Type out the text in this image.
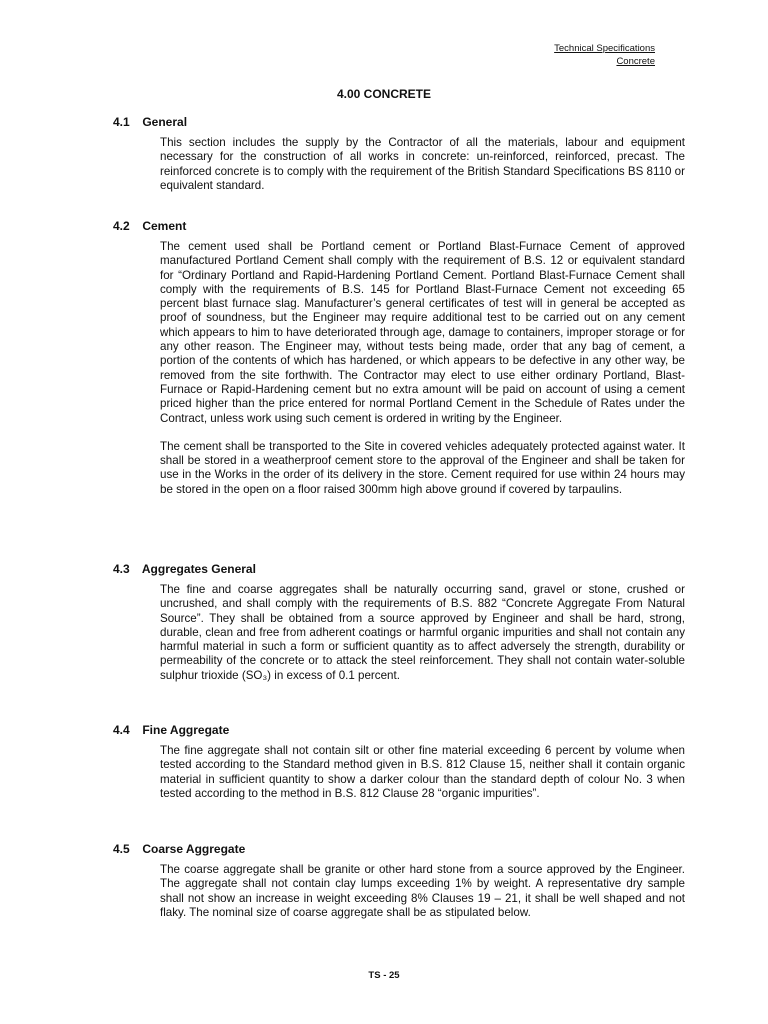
Technical Specifications
Concrete
4.00 CONCRETE
4.1 General

This section includes the supply by the Contractor of all the materials, labour and equipment necessary for the construction of all works in concrete: un-reinforced, reinforced, precast. The reinforced concrete is to comply with the requirement of the British Standard Specifications BS 8110 or equivalent standard.

4.2 Cement

The cement used shall be Portland cement or Portland Blast-Furnace Cement of approved manufactured Portland Cement shall comply with the requirement of B.S. 12 or equivalent standard for “Ordinary Portland and Rapid-Hardening Portland Cement. Portland Blast-Furnace Cement shall comply with the requirements of B.S. 145 for Portland Blast-Furnace Cement not exceeding 65 percent blast furnace slag. Manufacturer’s general certificates of test will in general be accepted as proof of soundness, but the Engineer may require additional test to be carried out on any cement which appears to him to have deteriorated through age, damage to containers, improper storage or for any other reason. The Engineer may, without tests being made, order that any bag of cement, a portion of the contents of which has hardened, or which appears to be defective in any other way, be removed from the site forthwith. The Contractor may elect to use either ordinary Portland, Blast-Furnace or Rapid-Hardening cement but no extra amount will be paid on account of using a cement priced higher than the price entered for normal Portland Cement in the Schedule of Rates under the Contract, unless work using such cement is ordered in writing by the Engineer.

The cement shall be transported to the Site in covered vehicles adequately protected against water. It shall be stored in a weatherproof cement store to the approval of the Engineer and shall be taken for use in the Works in the order of its delivery in the store. Cement required for use within 24 hours may be stored in the open on a floor raised 300mm high above ground if covered by tarpaulins.

4.3 Aggregates General

The fine and coarse aggregates shall be naturally occurring sand, gravel or stone, crushed or uncrushed, and shall comply with the requirements of B.S. 882 “Concrete Aggregate From Natural Source”. They shall be obtained from a source approved by Engineer and shall be hard, strong, durable, clean and free from adherent coatings or harmful organic impurities and shall not contain any harmful material in such a form or sufficient quantity as to affect adversely the strength, durability or permeability of the concrete or to attack the steel reinforcement. They shall not contain water-soluble sulphur trioxide (SO₃) in excess of 0.1 percent.

4.4 Fine Aggregate

The fine aggregate shall not contain silt or other fine material exceeding 6 percent by volume when tested according to the Standard method given in B.S. 812 Clause 15, neither shall it contain organic material in sufficient quantity to show a darker colour than the standard depth of colour No. 3 when tested according to the method in B.S. 812 Clause 28 “organic impurities”.

4.5 Coarse Aggregate

The coarse aggregate shall be granite or other hard stone from a source approved by the Engineer. The aggregate shall not contain clay lumps exceeding 1% by weight. A representative dry sample shall not show an increase in weight exceeding 8% Clauses 19 – 21, it shall be well shaped and not flaky. The nominal size of coarse aggregate shall be as stipulated below.

TS - 25
